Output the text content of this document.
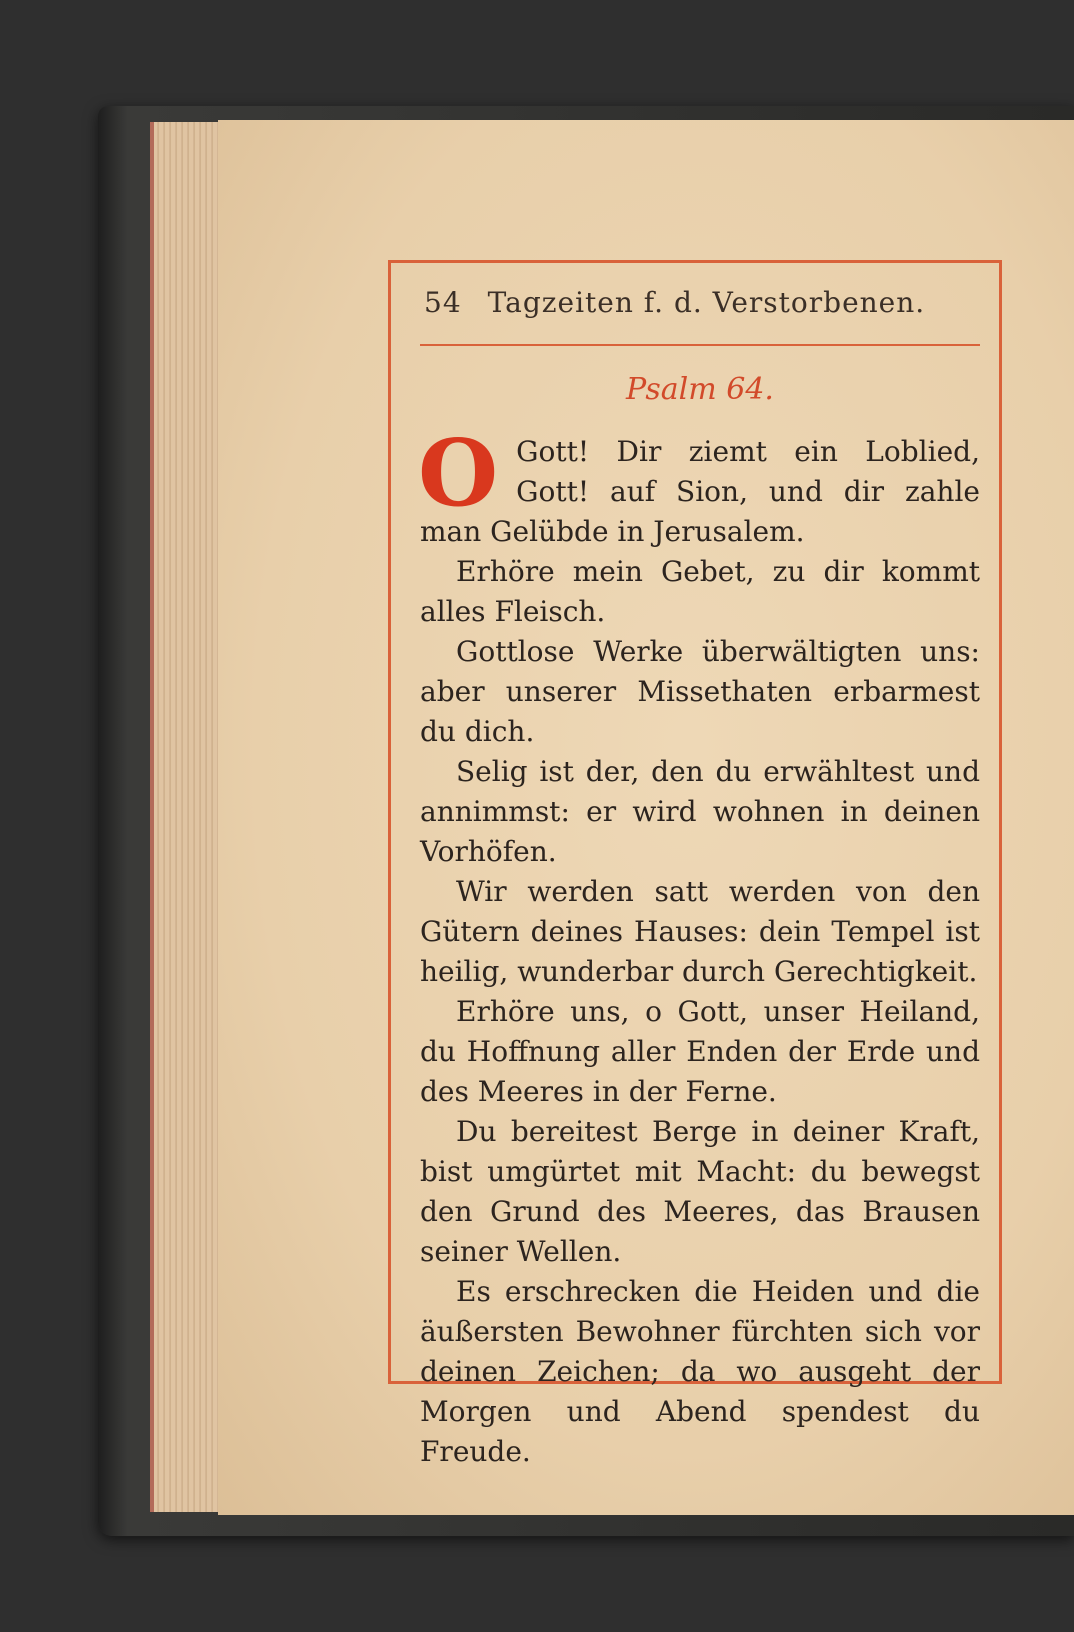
54 Tagzeiten f. d. Verstorbenen.
Psalm 64.

O Gott! Dir ziemt ein Loblied, Gott! auf Sion, und dir zahle man Gelübde in Jerusalem.

Erhöre mein Gebet, zu dir kommt alles Fleisch.

Gottlose Werke überwältigten uns: aber unserer Missethaten erbarmest du dich.

Selig ist der, den du erwähltest und annimmst: er wird wohnen in deinen Vorhöfen.

Wir werden satt werden von den Gütern deines Hauses: dein Tempel ist heilig, wunderbar durch Gerechtigkeit.

Erhöre uns, o Gott, unser Heiland, du Hoffnung aller Enden der Erde und des Meeres in der Ferne.

Du bereitest Berge in deiner Kraft, bist umgürtet mit Macht: du bewegst den Grund des Meeres, das Brausen seiner Wellen.

Es erschrecken die Heiden und die äußersten Bewohner fürchten sich vor deinen Zeichen; da wo ausgeht der Morgen und Abend spendest du Freude.
